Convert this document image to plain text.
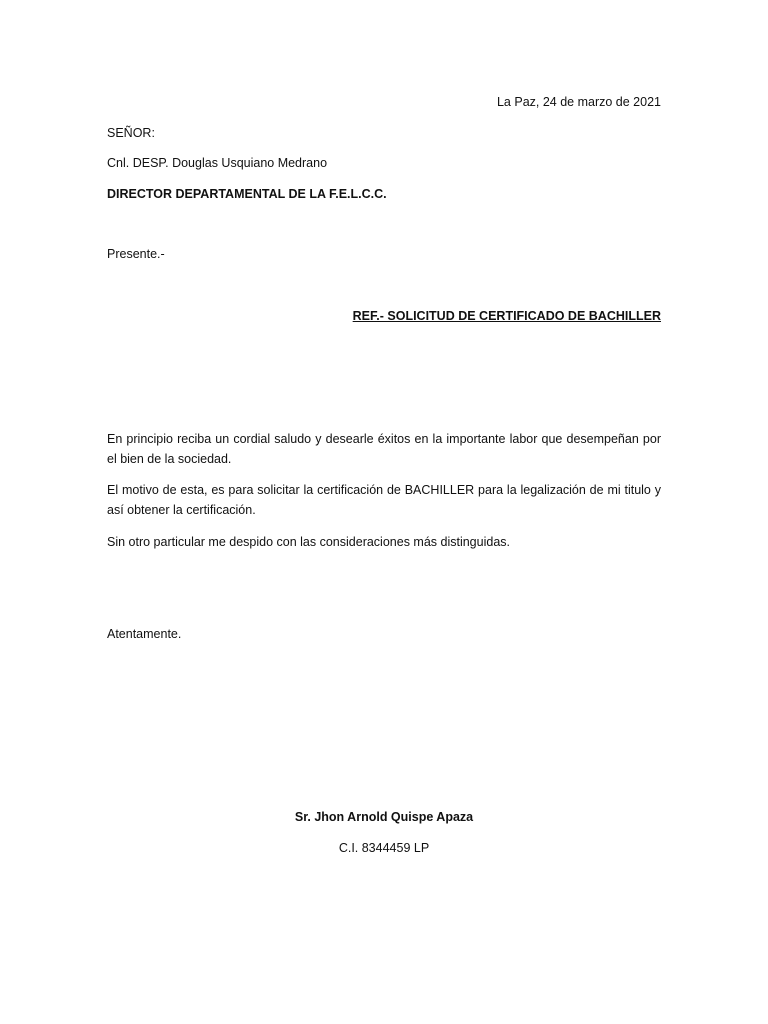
La Paz, 24 de marzo de 2021
SEÑOR:
Cnl. DESP. Douglas Usquiano Medrano
DIRECTOR DEPARTAMENTAL DE LA F.E.L.C.C.
Presente.-
REF.- SOLICITUD DE CERTIFICADO DE BACHILLER
En principio reciba un cordial saludo y desearle éxitos en la importante labor que desempeñan por el bien de la sociedad.
El motivo de esta, es para solicitar la certificación de BACHILLER para la legalización de mi titulo y así obtener la certificación.
Sin otro particular me despido con las consideraciones más distinguidas.
Atentamente.
Sr. Jhon Arnold Quispe Apaza
C.I. 8344459 LP
